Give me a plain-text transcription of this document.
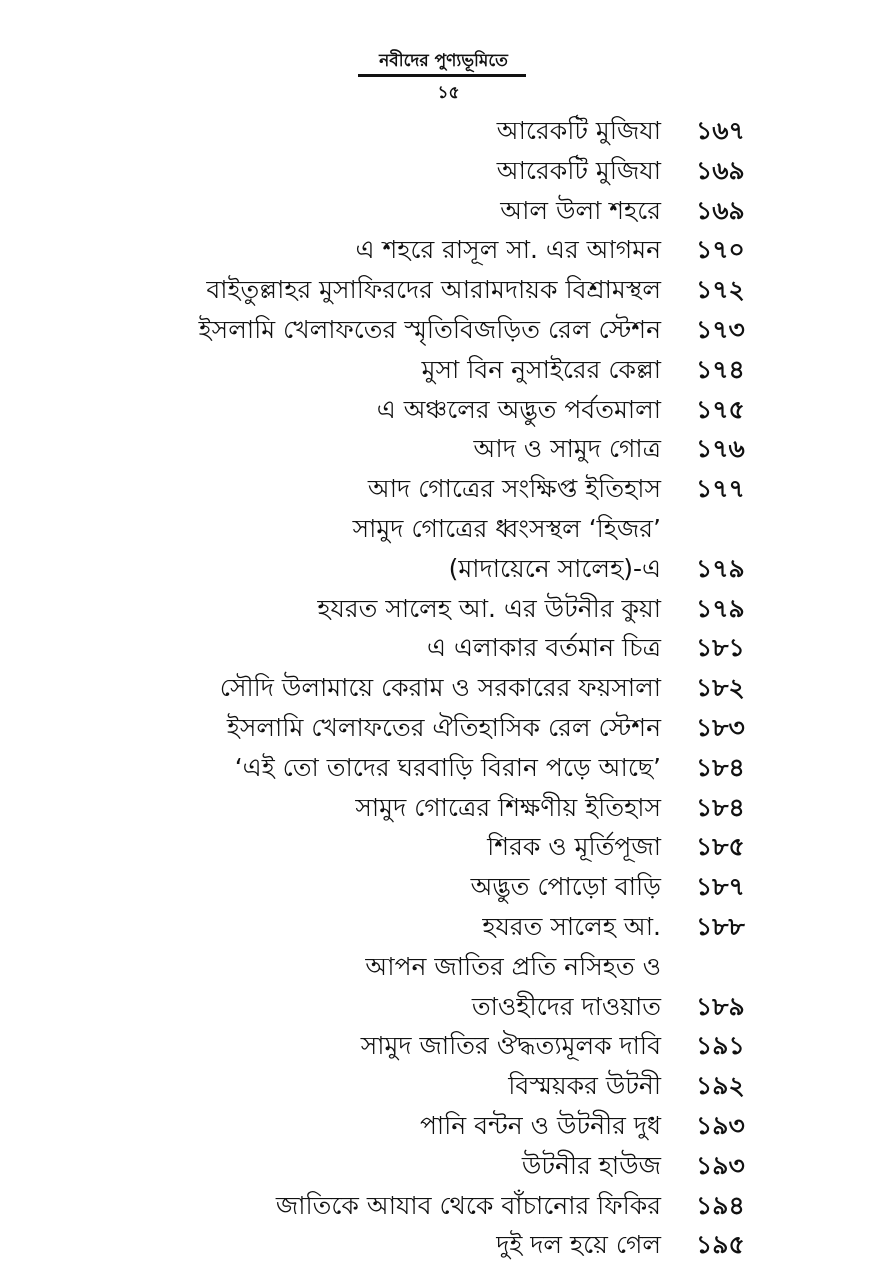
নবীদের পুণ্যভূমিতে
১৫
আরেকটি মুজিযা ১৬৭
আরেকটি মুজিযা ১৬৯
আল উলা শহরে ১৬৯
এ শহরে রাসূল সা. এর আগমন ১৭০
বাইতুল্লাহর মুসাফিরদের আরামদায়ক বিশ্রামস্থল ১৭২
ইসলামি খেলাফতের স্মৃতিবিজড়িত রেল স্টেশন ১৭৩
মুসা বিন নুসাইরের কেল্লা ১৭৪
এ অঞ্চলের অদ্ভুত পর্বতমালা ১৭৫
আদ ও সামুদ গোত্র ১৭৬
আদ গোত্রের সংক্ষিপ্ত ইতিহাস ১৭৭
সামুদ গোত্রের ধ্বংসস্থল ‘হিজর’
(মাদায়েনে সালেহ)-এ ১৭৯
হযরত সালেহ আ. এর উটনীর কুয়া ১৭৯
এ এলাকার বর্তমান চিত্র ১৮১
সৌদি উলামায়ে কেরাম ও সরকারের ফয়সালা ১৮২
ইসলামি খেলাফতের ঐতিহাসিক রেল স্টেশন ১৮৩
‘এই তো তাদের ঘরবাড়ি বিরান পড়ে আছে’ ১৮৪
সামুদ গোত্রের শিক্ষণীয় ইতিহাস ১৮৪
শিরক ও মূর্তিপূজা ১৮৫
অদ্ভুত পোড়ো বাড়ি ১৮৭
হযরত সালেহ আ. ১৮৮
আপন জাতির প্রতি নসিহত ও
তাওহীদের দাওয়াত ১৮৯
সামুদ জাতির ঔদ্ধত্যমূলক দাবি ১৯১
বিস্ময়কর উটনী ১৯২
পানি বন্টন ও উটনীর দুধ ১৯৩
উটনীর হাউজ ১৯৩
জাতিকে আযাব থেকে বাঁচানোর ফিকির ১৯৪
দুই দল হয়ে গেল ১৯৫
